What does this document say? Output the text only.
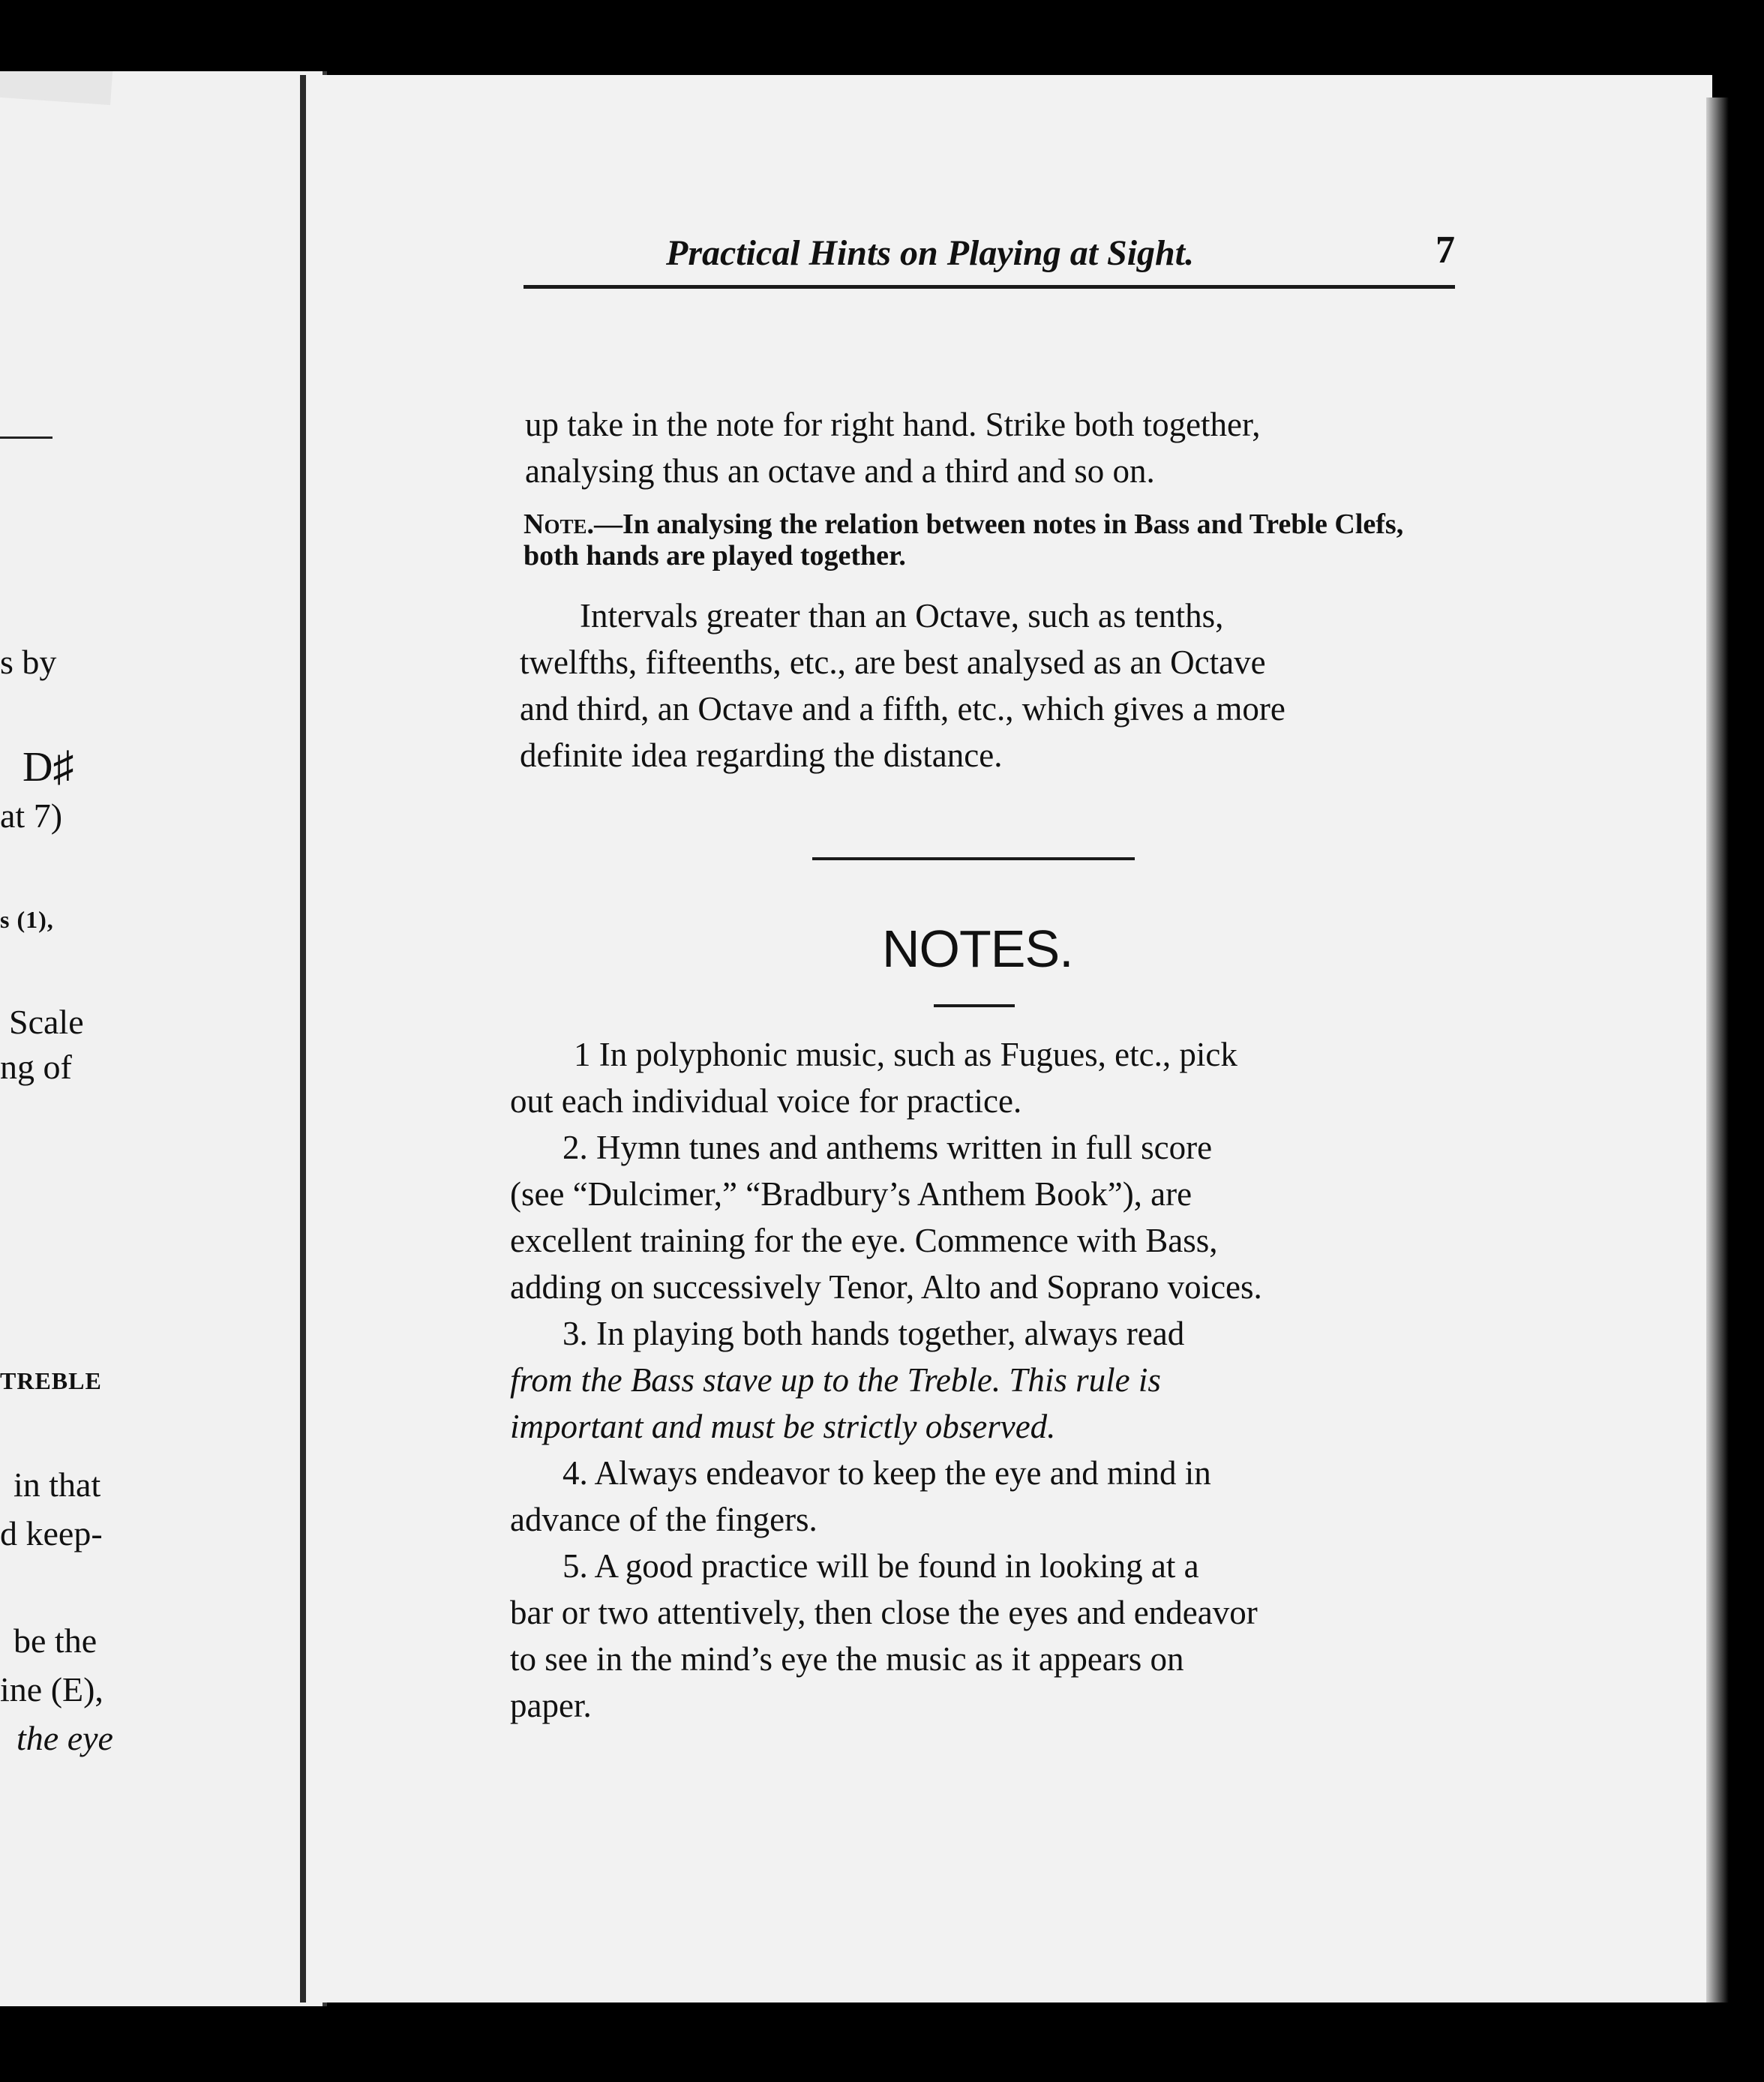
s by
D♯
at 7)
s (1),
Scale
ng of
TREBLE
in that
d keep-
be the
ine (E),
the eye
Practical Hints on Playing at Sight.	7
up take in the note for right hand. Strike both together,
analysing thus an octave and a third and so on.
Note.—In analysing the relation between notes in Bass and Treble Clefs, both hands are played together.
Intervals greater than an Octave, such as tenths,
twelfths, fifteenths, etc., are best analysed as an Octave
and third, an Octave and a fifth, etc., which gives a more
definite idea regarding the distance.
NOTES.
1 In polyphonic music, such as Fugues, etc., pick
out each individual voice for practice.
2. Hymn tunes and anthems written in full score
(see “Dulcimer,” “Bradbury’s Anthem Book”), are
excellent training for the eye. Commence with Bass,
adding on successively Tenor, Alto and Soprano voices.
3. In playing both hands together, always read
from the Bass stave up to the Treble. This rule is
important and must be strictly observed.
4. Always endeavor to keep the eye and mind in
advance of the fingers.
5. A good practice will be found in looking at a
bar or two attentively, then close the eyes and endeavor
to see in the mind’s eye the music as it appears on
paper.
